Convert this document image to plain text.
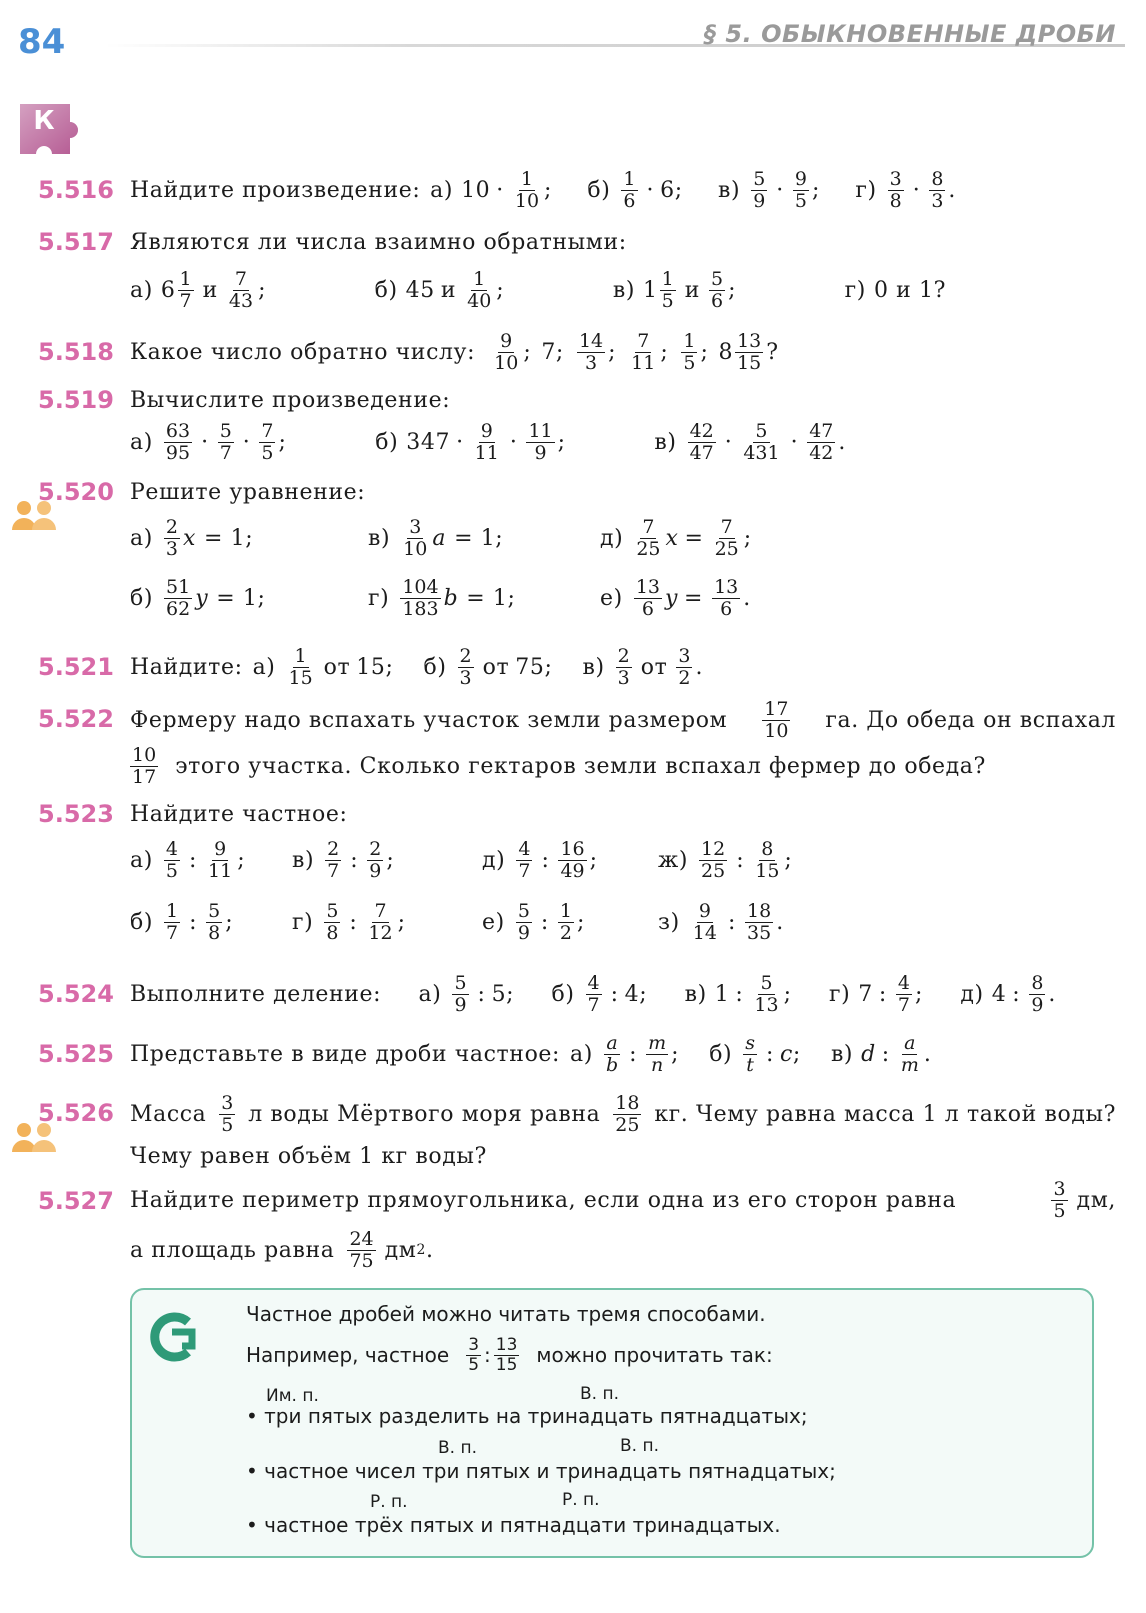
84	§ 5. ОБЫКНОВЕННЫЕ ДРОБИ
К
5.516 Найдите произведение: а) $10 \cdot \frac{1}{10}$ ; $б) \frac{1}{6} \cdot 6$ ; $в) \frac{5}{9} \cdot \frac{9}{5}$ ; $г) \frac{3}{8} \cdot \frac{8}{3}$ .
5.517 Являются ли числа взаимно обратными:
а) $6 \frac{1}{7}$ и $\frac{7}{43}$ ;	б) 45 и $\frac{1}{40}$ ;	в) $1 \frac{1}{5}$ и $\frac{5}{6}$ ;	г) 0 и 1?
5.518 Какое число обратно числу: $\frac{9}{10}$ ; 7; $\frac{14}{3}$ ; $\frac{7}{11}$ ; $\frac{1}{5}$ ; $8 \frac{13}{15}$ ?
5.519 Вычислите произведение:
$а) \frac{63}{95} \cdot \frac{5}{7} \cdot \frac{7}{5}$ ;	б) $347 \cdot \frac{9}{11} \cdot \frac{11}{9}$ ;	$в) \frac{42}{47} \cdot \frac{5}{431} \cdot \frac{47}{42}$ .
5.520 Решите уравнение:
$а) \frac{2}{3}$ x = 1;	$в) \frac{3}{10}$ a = 1;	$д) \frac{7}{25}$ $x = \frac{7}{25}$ ;
$б) \frac{51}{62}$ y = 1;	$г) \frac{104}{183}$ b = 1;	$е) \frac{13}{6}$ $y = \frac{13}{6}$ .
5.521 Найдите: $а) \frac{1}{15}$ от 15; $б) \frac{2}{3}$ от 75; $в) \frac{2}{3}$ от $\frac{3}{2}$ .
5.522 Фермеру надо вспахать участок земли размером $\frac{17}{10}$ га. До обеда он вспахал
$\frac{10}{17}$ этого участка. Сколько гектаров земли вспахал фермер до обеда?
5.523 Найдите частное:
$а) \frac{4}{5}$ : $\frac{9}{11}$ ; $в) \frac{2}{7}$ : $\frac{2}{9}$ ;	$д) \frac{4}{7}$ : $\frac{16}{49}$ ;	$ж) \frac{12}{25}$ : $\frac{8}{15}$ ;
$б) \frac{1}{7}$ : $\frac{5}{8}$ ;	$г) \frac{5}{8}$ : $\frac{7}{12}$ ;	$е) \frac{5}{9}$ : $\frac{1}{2}$ ;	$з) \frac{9}{14}$ : $\frac{18}{35}$ .
5.524 Выполните деление: $а) \frac{5}{9}$ : 5; $б) \frac{4}{7}$ : 4; в) 1 : $\frac{5}{13}$ ; г) 7 : $\frac{4}{7}$ ; д) 4 : $\frac{8}{9}$ .
5.525 Представьте в виде дроби частное: $а) \frac{a}{b}$ : $\frac{m}{n}$ ; $б) \frac{s}{t}$ : c ; в) d : $\frac{a}{m}$ .
5.526 Масса $\frac{3}{5}$ л воды Мёртвого моря равна $\frac{18}{25}$ кг. Чему равна масса 1 л такой воды?
Чему равен объём 1 кг воды?
5.527 Найдите периметр прямоугольника, если одна из его сторон равна	$\frac{3}{5}$ дм,
а площадь равна $\frac{24}{75}$ дм 2 .
Частное дробей можно читать тремя способами.
Например, частное $\frac{3}{5}$ : $\frac{13}{15}$ можно прочитать так:
Им. п.	В. п.
• три пятых разделить на тринадцать пятнадцатых;
В. п.	В. п.
• частное чисел три пятых и тринадцать пятнадцатых;
Р. п.	Р. п.
• частное трёх пятых и пятнадцати тринадцатых.
